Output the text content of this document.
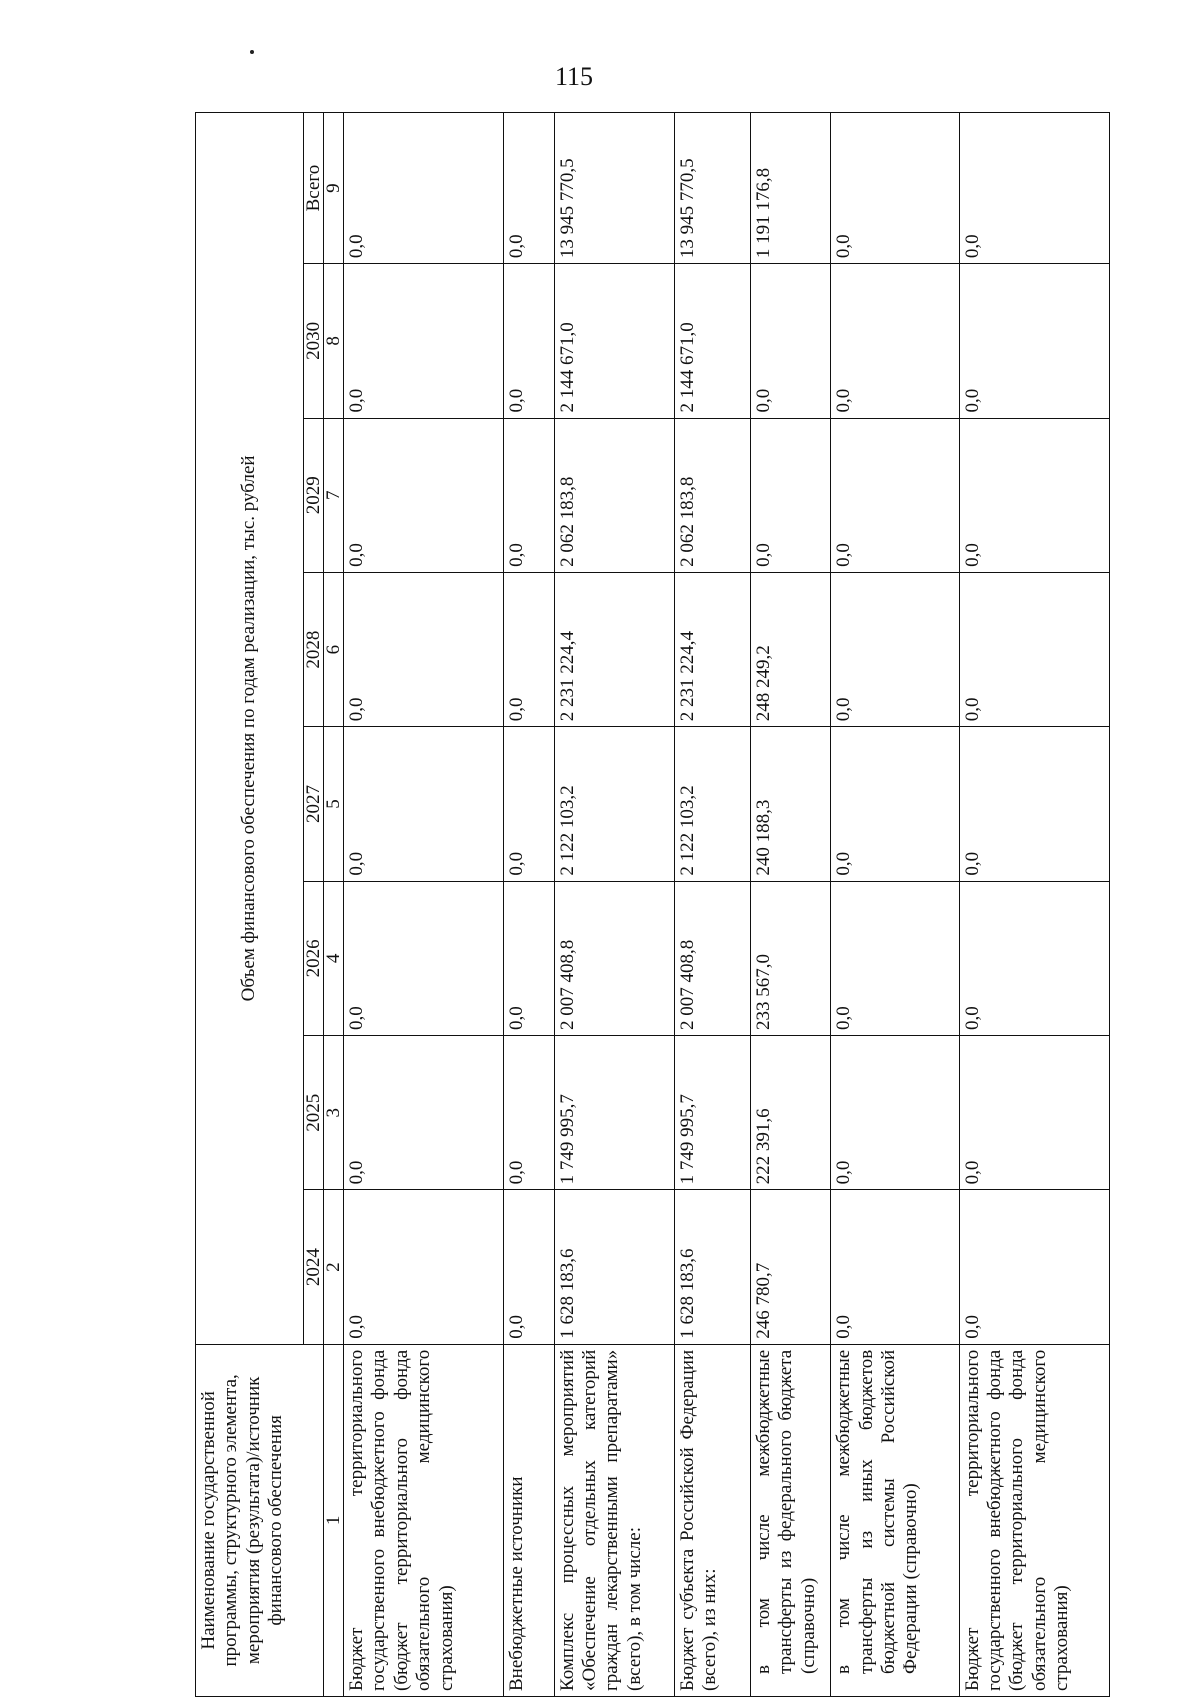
115
Наименование государственной программы, структурного элемента, мероприятия (результата)/источник финансового обеспечения	Объем финансового обеспечения по годам реализации, тыс. рублей							
	2024	2025	2026	2027	2028	2029	2030	Всего
1	2	3	4	5	6	7	8	9
Бюджет территориального государственного внебюджетного фонда (бюджет территориального фонда обязательного медицинского страхования)	0,0	0,0	0,0	0,0	0,0	0,0	0,0	0,0
Внебюджетные источники	0,0	0,0	0,0	0,0	0,0	0,0	0,0	0,0
Комплекс процессных мероприятий «Обеспечение отдельных категорий граждан лекарственными препаратами» (всего), в том числе:	1 628 183,6	1 749 995,7	2 007 408,8	2 122 103,2	2 231 224,4	2 062 183,8	2 144 671,0	13 945 770,5
Бюджет субъекта Российской Федерации (всего), из них:	1 628 183,6	1 749 995,7	2 007 408,8	2 122 103,2	2 231 224,4	2 062 183,8	2 144 671,0	13 945 770,5
в том числе межбюджетные трансферты из федерального бюджета (справочно)	246 780,7	222 391,6	233 567,0	240 188,3	248 249,2	0,0	0,0	1 191 176,8
в том числе межбюджетные трансферты из иных бюджетов бюджетной системы Российской Федерации (справочно)	0,0	0,0	0,0	0,0	0,0	0,0	0,0	0,0
Бюджет территориального государственного внебюджетного фонда (бюджет территориального фонда обязательного медицинского страхования)	0,0	0,0	0,0	0,0	0,0	0,0	0,0	0,0
